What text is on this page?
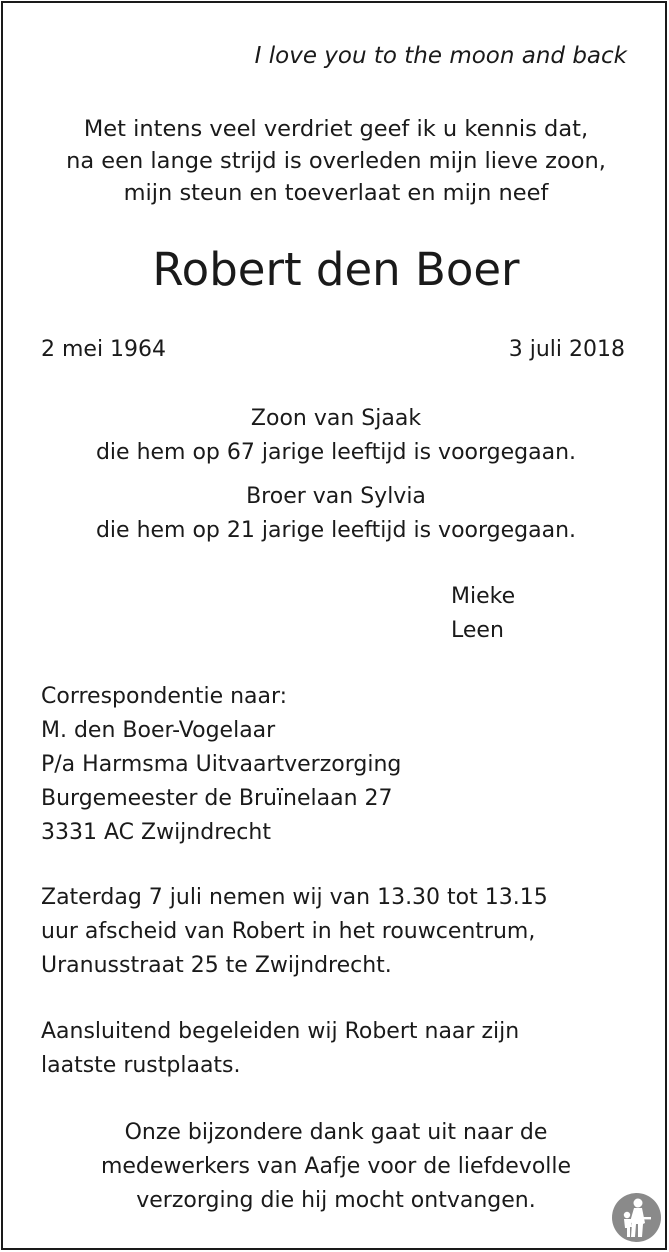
I love you to the moon and back
Met intens veel verdriet geef ik u kennis dat,
na een lange strijd is overleden mijn lieve zoon,
mijn steun en toeverlaat en mijn neef
Robert den Boer
2 mei 1964	3 juli 2018
Zoon van Sjaak
die hem op 67 jarige leeftijd is voorgegaan.
Broer van Sylvia
die hem op 21 jarige leeftijd is voorgegaan.
Mieke
Leen
Correspondentie naar:
M. den Boer-Vogelaar
P/a Harmsma Uitvaartverzorging
Burgemeester de Bruïnelaan 27
3331 AC Zwijndrecht
Zaterdag 7 juli nemen wij van 13.30 tot 13.15
uur afscheid van Robert in het rouwcentrum,
Uranusstraat 25 te Zwijndrecht.
Aansluitend begeleiden wij Robert naar zijn
laatste rustplaats.
Onze bijzondere dank gaat uit naar de
medewerkers van Aafje voor de liefdevolle
verzorging die hij mocht ontvangen.
